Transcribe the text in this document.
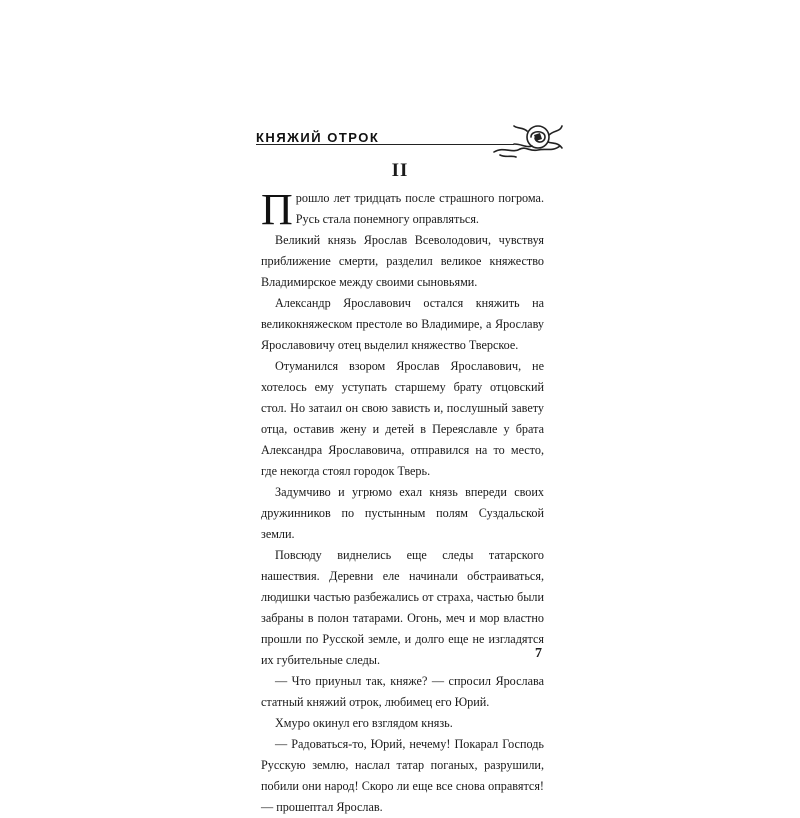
КНЯЖИЙ ОТРОК
II

Прошло лет тридцать после страшного погрома. Русь стала понемногу оправляться.

Великий князь Ярослав Всеволодович, чувствуя приближение смерти, разделил великое княжество Владимирское между своими сыновьями.

Александр Ярославович остался княжить на великокняжеском престоле во Владимире, а Ярославу Ярославовичу отец выделил княжество Тверское.

Отуманился взором Ярослав Ярославович, не хотелось ему уступать старшему брату отцовский стол. Но затаил он свою зависть и, послушный завету отца, оставив жену и детей в Переяславле у брата Александра Ярославовича, отправился на то место, где некогда стоял городок Тверь.

Задумчиво и угрюмо ехал князь впереди своих дружинников по пустынным полям Суздальской земли.

Повсюду виднелись еще следы татарского нашествия. Деревни еле начинали обстраиваться, людишки частью разбежались от страха, частью были забраны в полон татарами. Огонь, меч и мор властно прошли по Русской земле, и долго еще не изгладятся их губительные следы.

— Что приуныл так, княже? — спросил Ярослава статный княжий отрок, любимец его Юрий.

Хмуро окинул его взглядом князь.

— Радоваться-то, Юрий, нечему! Покарал Господь Русскую землю, наслал татар поганых, разрушили, побили они народ! Скоро ли еще все снова оправятся! — прошептал Ярослав.

7
